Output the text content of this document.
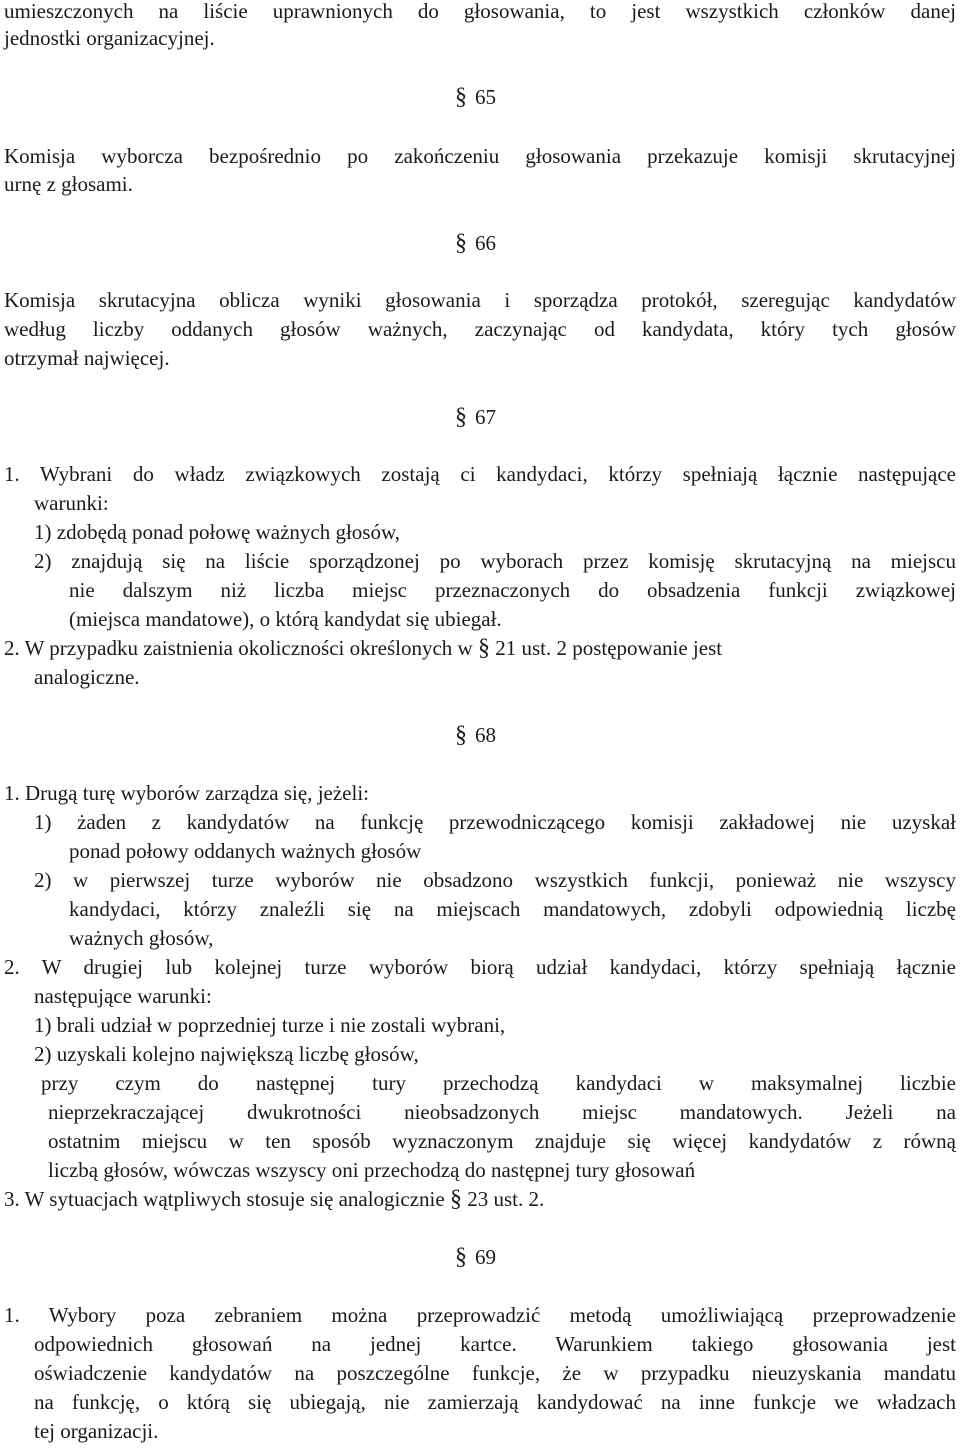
umieszczonych na liście uprawnionych do głosowania, to jest wszystkich członków danej
jednostki organizacyjnej.
§ 65
Komisja wyborcza bezpośrednio po zakończeniu głosowania przekazuje komisji skrutacyjnej
urnę z głosami.
§ 66
Komisja skrutacyjna oblicza wyniki głosowania i sporządza protokół, szeregując kandydatów
według liczby oddanych głosów ważnych, zaczynając od kandydata, który tych głosów
otrzymał najwięcej.
§ 67
1. Wybrani do władz związkowych zostają ci kandydaci, którzy spełniają łącznie następujące
warunki:
1) zdobędą ponad połowę ważnych głosów,
2) znajdują się na liście sporządzonej po wyborach przez komisję skrutacyjną na miejscu
nie dalszym niż liczba miejsc przeznaczonych do obsadzenia funkcji związkowej
(miejsca mandatowe), o którą kandydat się ubiegał.
2. W przypadku zaistnienia okoliczności określonych w § 21 ust. 2 postępowanie jest
analogiczne.
§ 68
1. Drugą turę wyborów zarządza się, jeżeli:
1) żaden z kandydatów na funkcję przewodniczącego komisji zakładowej nie uzyskał
ponad połowy oddanych ważnych głosów
2) w pierwszej turze wyborów nie obsadzono wszystkich funkcji, ponieważ nie wszyscy
kandydaci, którzy znaleźli się na miejscach mandatowych, zdobyli odpowiednią liczbę
ważnych głosów,
2. W drugiej lub kolejnej turze wyborów biorą udział kandydaci, którzy spełniają łącznie
następujące warunki:
1) brali udział w poprzedniej turze i nie zostali wybrani,
2) uzyskali kolejno największą liczbę głosów,
przy czym do następnej tury przechodzą kandydaci w maksymalnej liczbie
nieprzekraczającej dwukrotności nieobsadzonych miejsc mandatowych. Jeżeli na
ostatnim miejscu w ten sposób wyznaczonym znajduje się więcej kandydatów z równą
liczbą głosów, wówczas wszyscy oni przechodzą do następnej tury głosowań
3. W sytuacjach wątpliwych stosuje się analogicznie § 23 ust. 2.
§ 69
1. Wybory poza zebraniem można przeprowadzić metodą umożliwiającą przeprowadzenie
odpowiednich głosowań na jednej kartce. Warunkiem takiego głosowania jest
oświadczenie kandydatów na poszczególne funkcje, że w przypadku nieuzyskania mandatu
na funkcję, o którą się ubiegają, nie zamierzają kandydować na inne funkcje we władzach
tej organizacji.
